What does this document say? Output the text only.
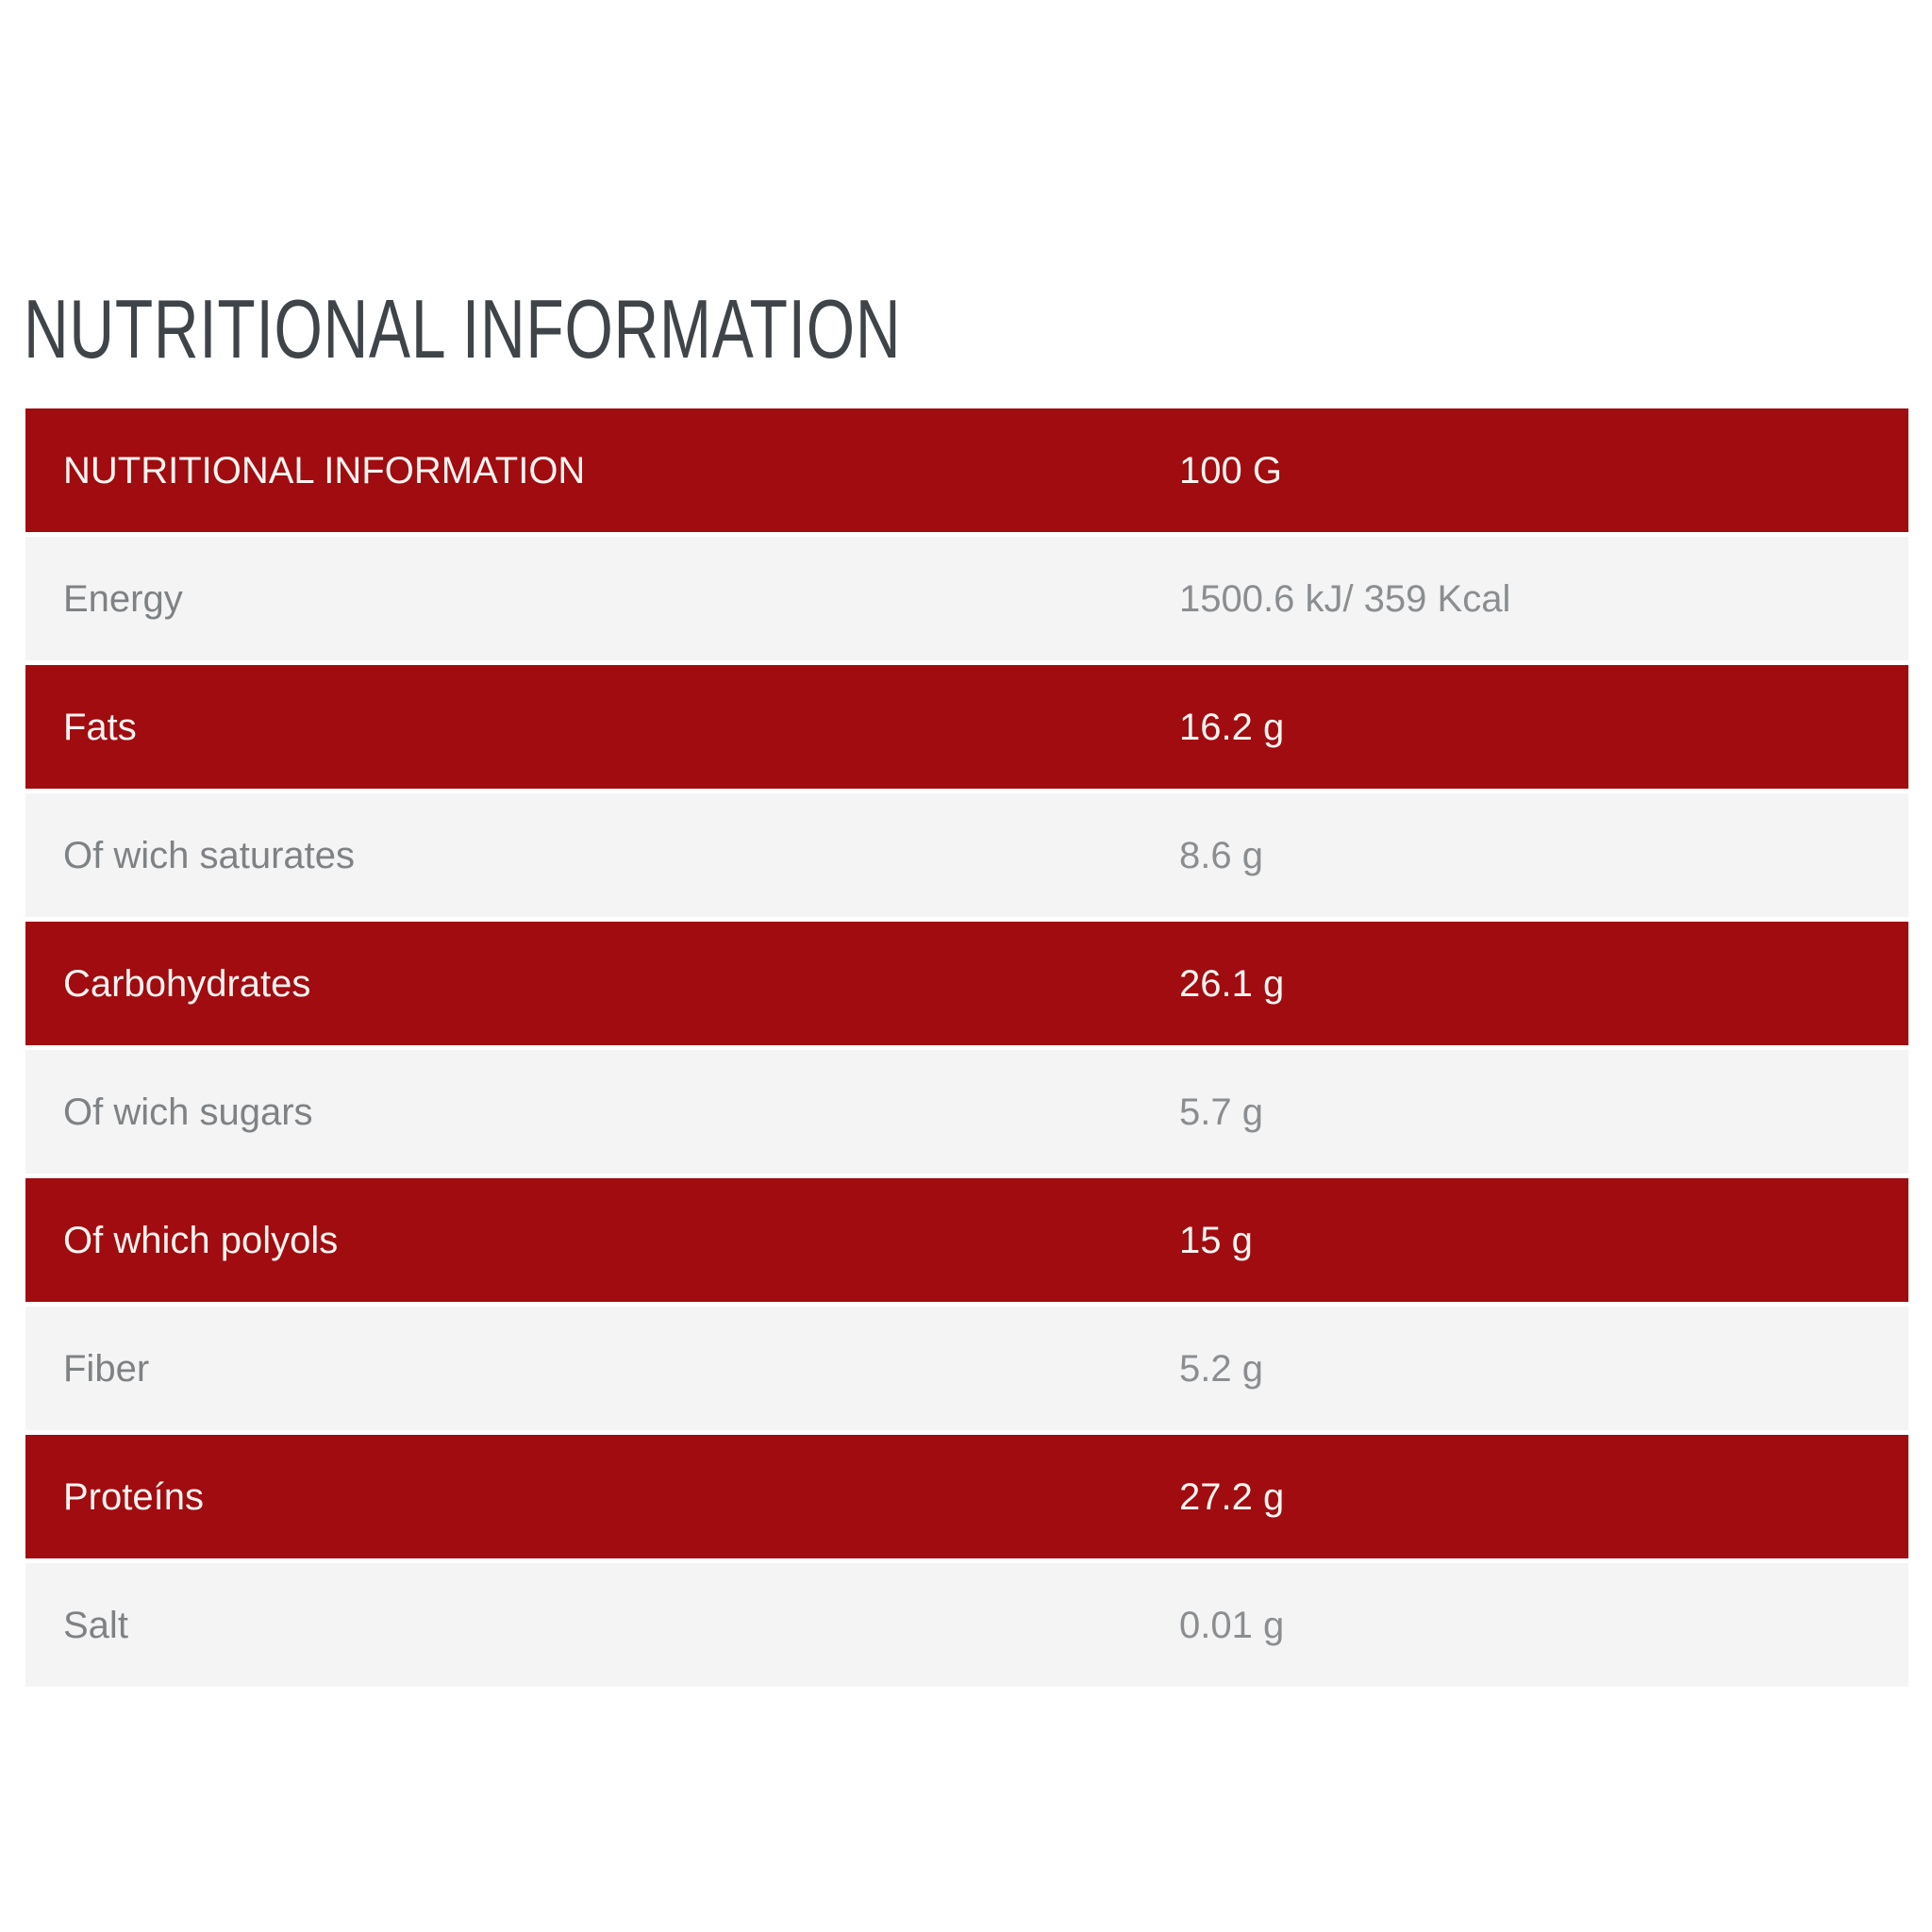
NUTRITIONAL INFORMATION
NUTRITIONAL INFORMATION	100 G
Energy	1500.6 kJ/ 359 Kcal
Fats	16.2 g
Of wich saturates	8.6 g
Carbohydrates	26.1 g
Of wich sugars	5.7 g
Of which polyols	15 g
Fiber	5.2 g
Proteíns	27.2 g
Salt	0.01 g
